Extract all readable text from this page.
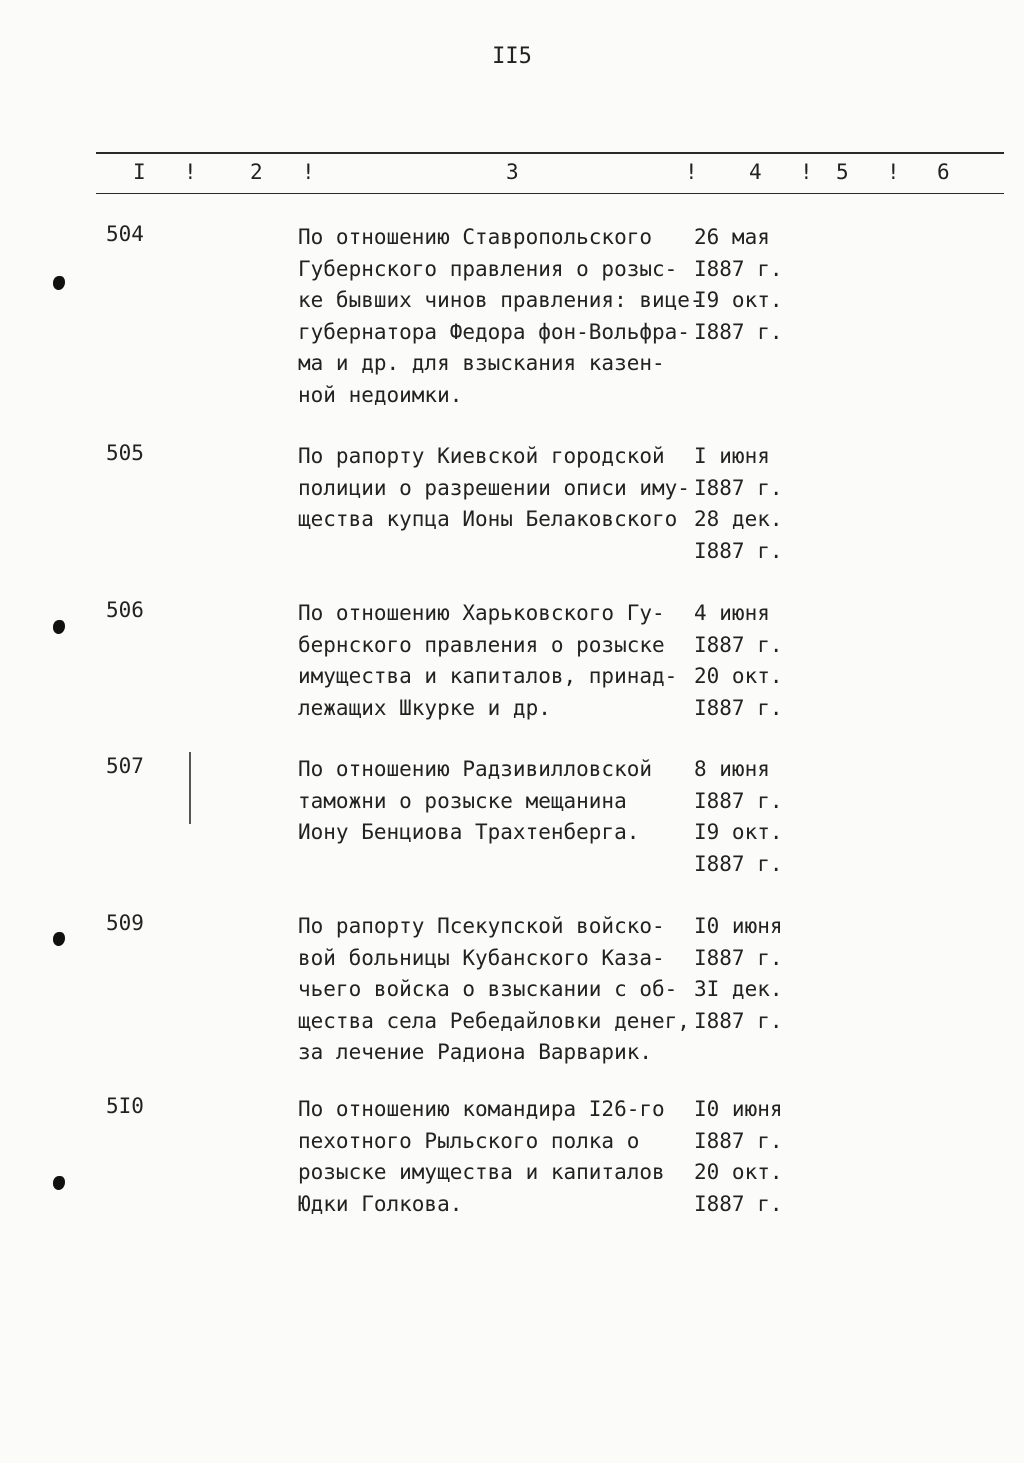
II5
I !	2 !	3	! 4 ! 5 ! 6
504	По отношению Ставропольского 26 мая
Губернского правления о розыс- I887 г.
ке бывших чинов правления: вице-I9 окт.
губернатора Федора фон-Вольфра- I887 г.
ма и др. для взыскания казен-
ной недоимки.
505	По рапорту Киевской городской I июня
полиции о разрешении описи иму- I887 г.
щества купца Ионы Белаковского 28 дек.
I887 г.
506	По отношению Харьковского Гу- 4 июня
бернского правления о розыске I887 г.
имущества и капиталов, принад- 20 окт.
лежащих Шкурке и др.	I887 г.
507	По отношению Радзивилловской 8 июня
таможни о розыске мещанина	I887 г.
Иону Бенциова Трахтенберга.	I9 окт.
I887 г.
509	По рапорту Псекупской войско- I0 июня
вой больницы Кубанского Каза- I887 г.
чьего войска о взыскании с об- 3I дек.
щества села Ребедайловки денег, I887 г.
за лечение Радиона Варварик.
5I0	По отношению командира I26-го I0 июня
пехотного Рыльского полка о	I887 г.
розыске имущества и капиталов 20 окт.
Юдки Голкова.	I887 г.
